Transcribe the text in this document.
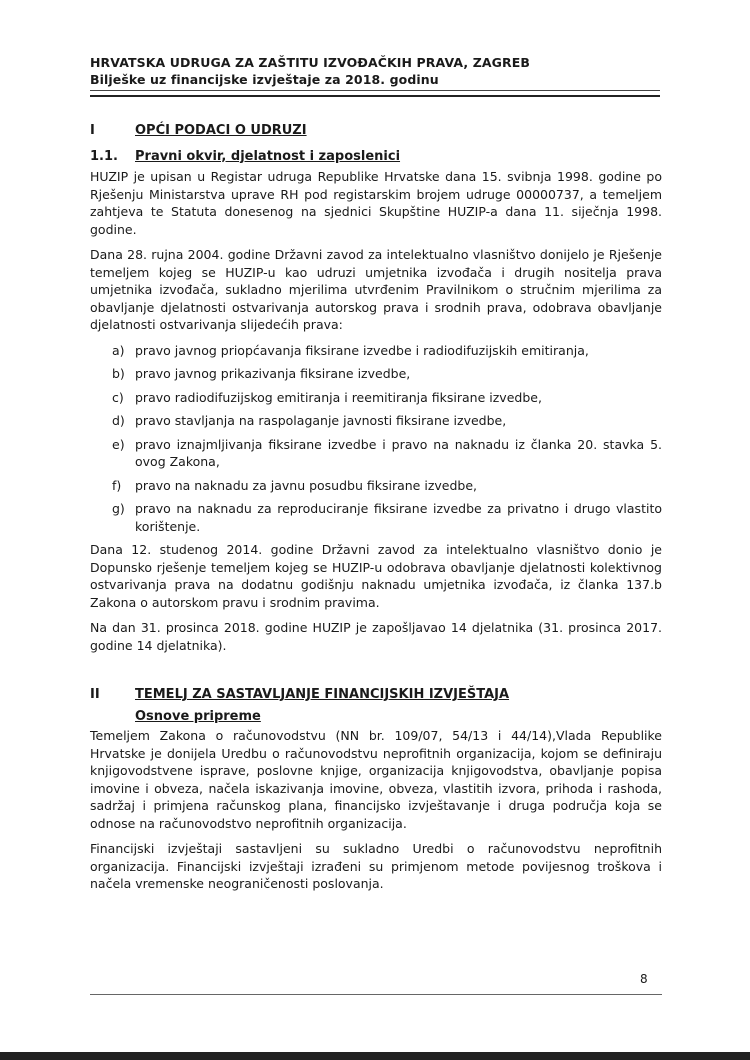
HRVATSKA UDRUGA ZA ZAŠTITU IZVOĐAČKIH PRAVA, ZAGREB
Bilješke uz financijske izvještaje za 2018. godinu
I	OPĆI PODACI O UDRUZI
1.1.	Pravni okvir, djelatnost i zaposlenici

HUZIP je upisan u Registar udruga Republike Hrvatske dana 15. svibnja 1998. godine po Rješenju Ministarstva uprave RH pod registarskim brojem udruge 00000737, a temeljem zahtjeva te Statuta donesenog na sjednici Skupštine HUZIP-a dana 11. siječnja 1998. godine.

Dana 28. rujna 2004. godine Državni zavod za intelektualno vlasništvo donijelo je Rješenje temeljem kojeg se HUZIP-u kao udruzi umjetnika izvođača i drugih nositelja prava umjetnika izvođača, sukladno mjerilima utvrđenim Pravilnikom o stručnim mjerilima za obavljanje djelatnosti ostvarivanja autorskog prava i srodnih prava, odobrava obavljanje djelatnosti ostvarivanja slijedećih prava:

a) pravo javnog priopćavanja fiksirane izvedbe i radiodifuzijskih emitiranja,
b) pravo javnog prikazivanja fiksirane izvedbe,
c) pravo radiodifuzijskog emitiranja i reemitiranja fiksirane izvedbe,
d) pravo stavljanja na raspolaganje javnosti fiksirane izvedbe,
e) pravo iznajmljivanja fiksirane izvedbe i pravo na naknadu iz članka 20. stavka 5. ovog Zakona,
f)	pravo na naknadu za javnu posudbu fiksirane izvedbe,
g) pravo na naknadu za reproduciranje fiksirane izvedbe za privatno i drugo vlastito korištenje.

Dana 12. studenog 2014. godine Državni zavod za intelektualno vlasništvo donio je Dopunsko rješenje temeljem kojeg se HUZIP-u odobrava obavljanje djelatnosti kolektivnog ostvarivanja prava na dodatnu godišnju naknadu umjetnika izvođača, iz članka 137.b Zakona o autorskom pravu i srodnim pravima.

Na dan 31. prosinca 2018. godine HUZIP je zapošljavao 14 djelatnika (31. prosinca 2017. godine 14 djelatnika).

II	TEMELJ ZA SASTAVLJANJE FINANCIJSKIH IZVJEŠTAJA
Osnove pripreme

Temeljem Zakona o računovodstvu (NN br. 109/07, 54/13 i 44/14),Vlada Republike Hrvatske je donijela Uredbu o računovodstvu neprofitnih organizacija, kojom se definiraju knjigovodstvene isprave, poslovne knjige, organizacija knjigovodstva, obavljanje popisa imovine i obveza, načela iskazivanja imovine, obveza, vlastitih izvora, prihoda i rashoda, sadržaj i primjena računskog plana, financijsko izvještavanje i druga područja koja se odnose na računovodstvo neprofitnih organizacija.

Financijski izvještaji sastavljeni su sukladno Uredbi o računovodstvu neprofitnih organizacija. Financijski izvještaji izrađeni su primjenom metode povijesnog troškova i načela vremenske neograničenosti poslovanja.

8
